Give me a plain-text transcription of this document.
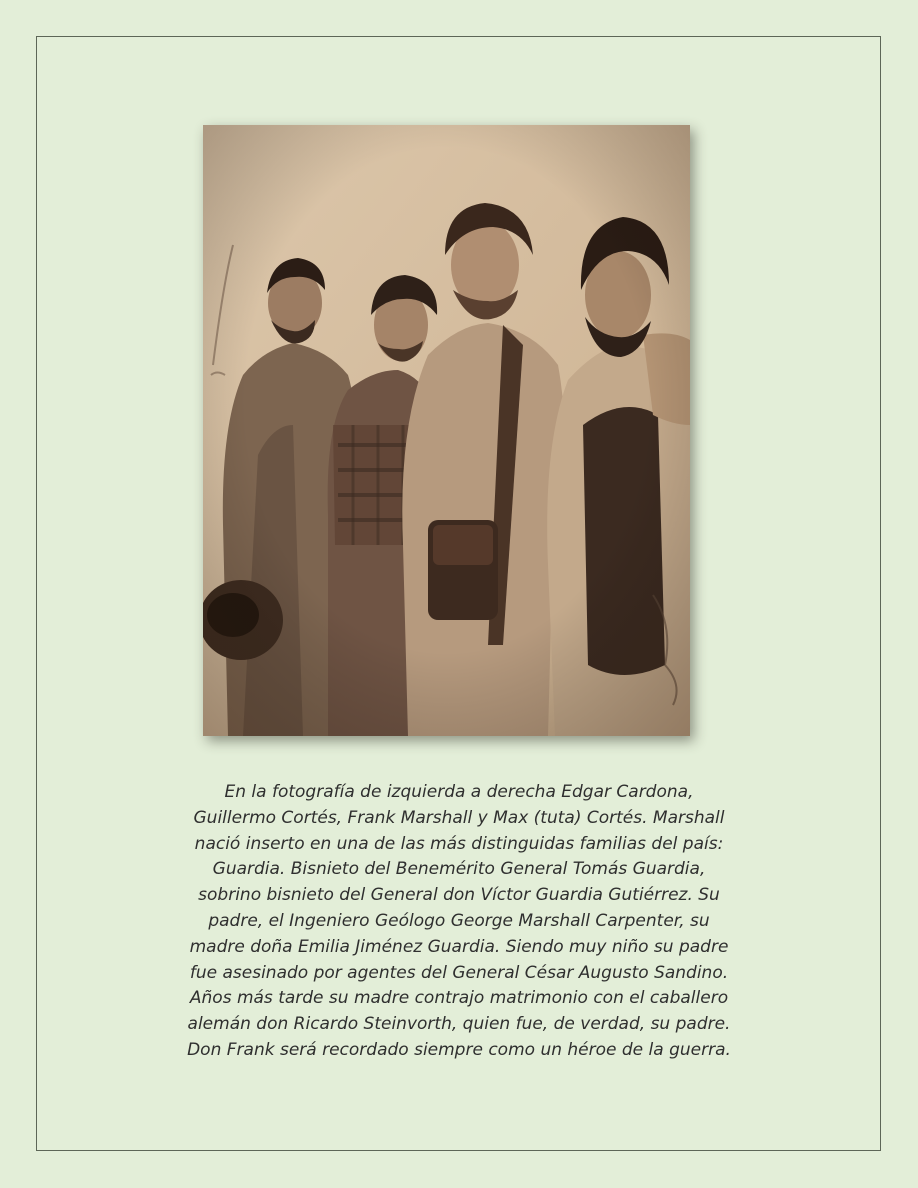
En la fotografía de izquierda a derecha Edgar Cardona,
Guillermo Cortés, Frank Marshall y Max (tuta) Cortés. Marshall
nació inserto en una de las más distinguidas familias del país:
Guardia. Bisnieto del Benemérito General Tomás Guardia,
sobrino bisnieto del General don Víctor Guardia Gutiérrez. Su
padre, el Ingeniero Geólogo George Marshall Carpenter, su
madre doña Emilia Jiménez Guardia. Siendo muy niño su padre
fue asesinado por agentes del General César Augusto Sandino.
Años más tarde su madre contrajo matrimonio con el caballero
alemán don Ricardo Steinvorth, quien fue, de verdad, su padre.
Don Frank será recordado siempre como un héroe de la guerra.
